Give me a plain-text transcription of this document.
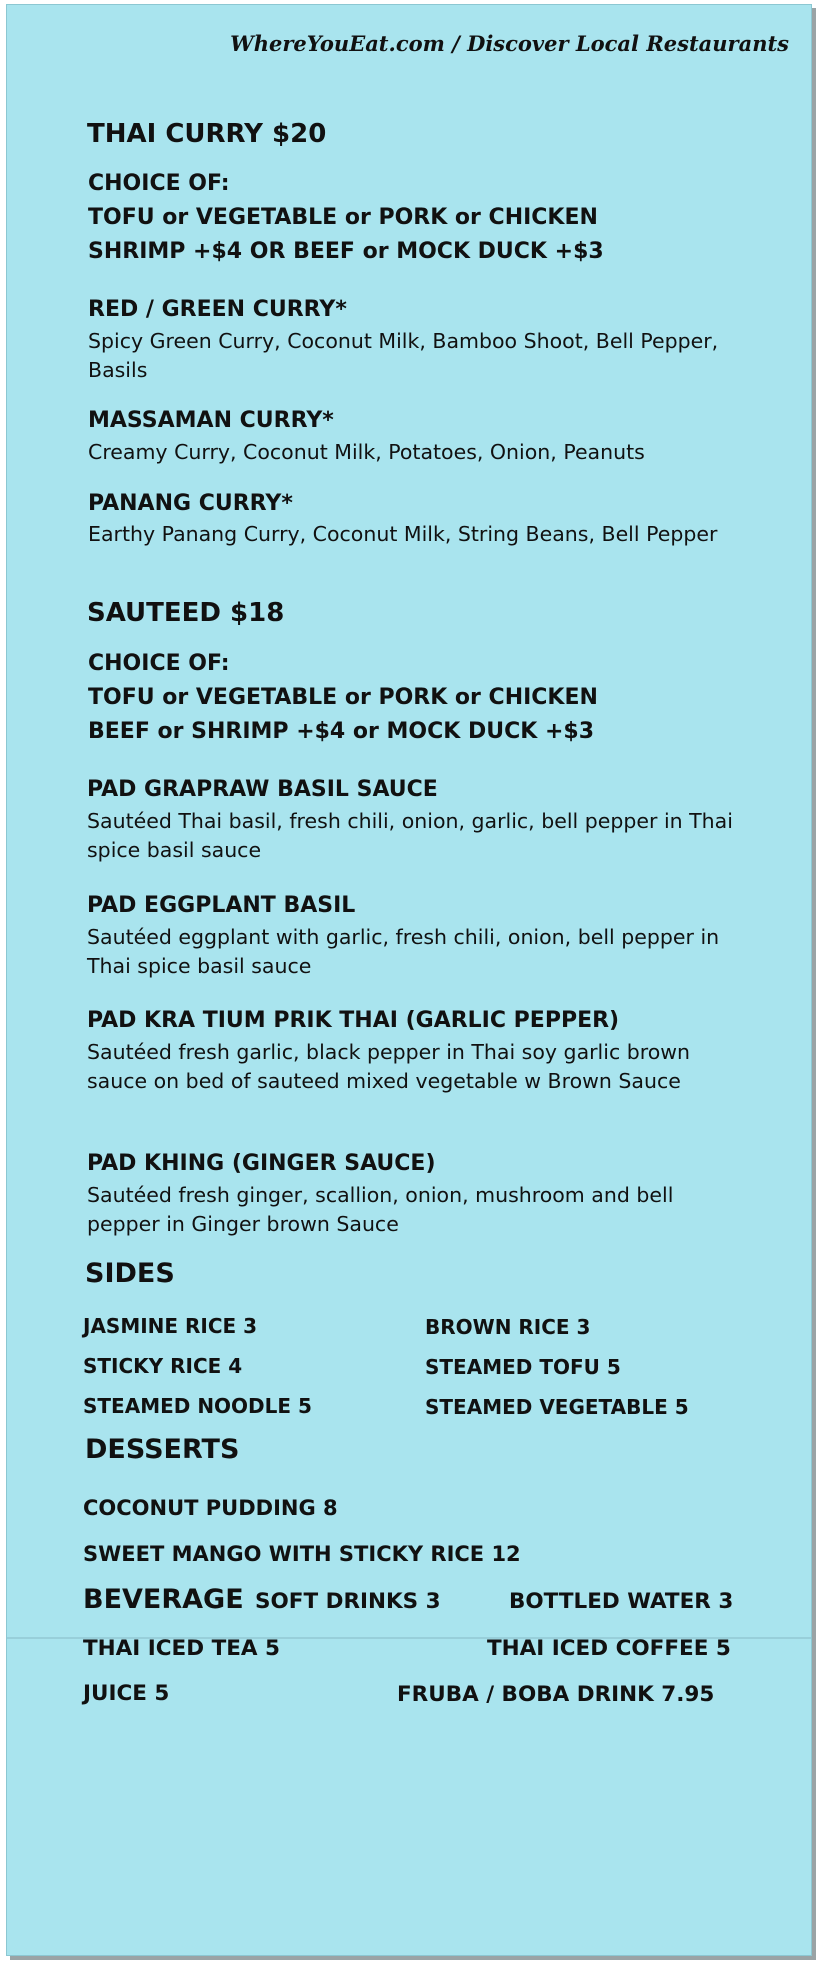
WhereYouEat.com / Discover Local Restaurants
THAI CURRY $20
CHOICE OF:
TOFU or VEGETABLE or PORK or CHICKEN
SHRIMP +$4 OR BEEF or MOCK DUCK +$3
RED / GREEN CURRY*
Spicy Green Curry, Coconut Milk, Bamboo Shoot, Bell Pepper, Basils
MASSAMAN CURRY*
Creamy Curry, Coconut Milk, Potatoes, Onion, Peanuts
PANANG CURRY*
Earthy Panang Curry, Coconut Milk, String Beans, Bell Pepper
SAUTEED $18
CHOICE OF:
TOFU or VEGETABLE or PORK or CHICKEN
BEEF or SHRIMP +$4 or MOCK DUCK +$3
PAD GRAPRAW BASIL SAUCE
Sautéed Thai basil, fresh chili, onion, garlic, bell pepper in Thai spice basil sauce
PAD EGGPLANT BASIL
Sautéed eggplant with garlic, fresh chili, onion, bell pepper in Thai spice basil sauce
PAD KRA TIUM PRIK THAI (GARLIC PEPPER)
Sautéed fresh garlic, black pepper in Thai soy garlic brown sauce on bed of sauteed mixed vegetable w Brown Sauce
PAD KHING (GINGER SAUCE)
Sautéed fresh ginger, scallion, onion, mushroom and bell pepper in Ginger brown Sauce
SIDES
JASMINE RICE 3	BROWN RICE 3
STICKY RICE 4	STEAMED TOFU 5
STEAMED NOODLE 5	STEAMED VEGETABLE 5
DESSERTS
COCONUT PUDDING 8
SWEET MANGO WITH STICKY RICE 12
BEVERAGE SOFT DRINKS 3	BOTTLED WATER 3
THAI ICED TEA 5	THAI ICED COFFEE 5
JUICE 5	FRUBA / BOBA DRINK 7.95
